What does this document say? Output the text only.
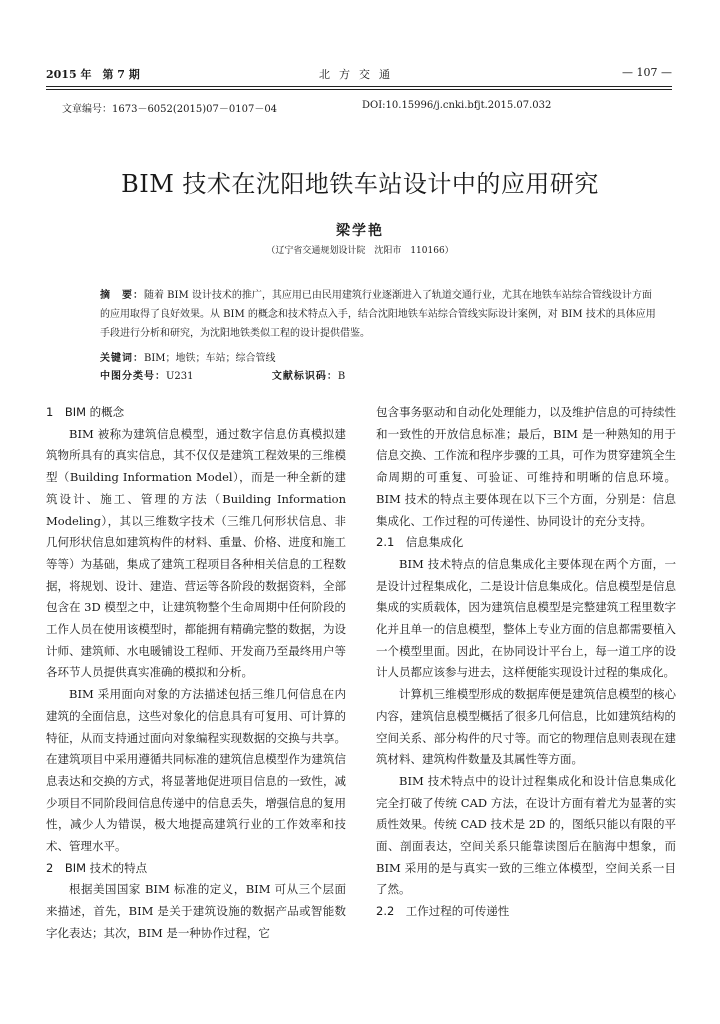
2015 年　第 7 期	北方交通	— 107 —
文章编号：1673－6052(2015)07－0107－04	DOI:10.15996/j.cnki.bfjt.2015.07.032
BIM 技术在沈阳地铁车站设计中的应用研究
梁学艳
（辽宁省交通规划设计院　沈阳市　110166）
摘　要：随着 BIM 设计技术的推广，其应用已由民用建筑行业逐渐进入了轨道交通行业，尤其在地铁车站综合管线设计方面的应用取得了良好效果。从 BIM 的概念和技术特点入手，结合沈阳地铁车站综合管线实际设计案例，对 BIM 技术的具体应用手段进行分析和研究，为沈阳地铁类似工程的设计提供借鉴。
关键词：BIM；地铁；车站；综合管线
中图分类号：U231	文献标识码：B

1　BIM 的概念

BIM 被称为建筑信息模型，通过数字信息仿真模拟建筑物所具有的真实信息，其不仅仅是建筑工程效果的三维模型（Building Information Model），而是一种全新的建筑设计、施工、管理的方法（Building Information Modeling），其以三维数字技术（三维几何形状信息、非几何形状信息如建筑构件的材料、重量、价格、进度和施工等等）为基础，集成了建筑工程项目各种相关信息的工程数据，将规划、设计、建造、营运等各阶段的数据资料，全部包含在 3D 模型之中，让建筑物整个生命周期中任何阶段的工作人员在使用该模型时，都能拥有精确完整的数据，为设计师、建筑师、水电暖铺设工程师、开发商乃至最终用户等各环节人员提供真实准确的模拟和分析。

BIM 采用面向对象的方法描述包括三维几何信息在内建筑的全面信息，这些对象化的信息具有可复用、可计算的特征，从而支持通过面向对象编程实现数据的交换与共享。在建筑项目中采用遵循共同标准的建筑信息模型作为建筑信息表达和交换的方式，将显著地促进项目信息的一致性，减少项目不同阶段间信息传递中的信息丢失，增强信息的复用性，减少人为错误，极大地提高建筑行业的工作效率和技术、管理水平。

2　BIM 技术的特点

根据美国国家 BIM 标准的定义，BIM 可从三个层面来描述，首先，BIM 是关于建筑设施的数据产品或智能数字化表达；其次，BIM 是一种协作过程，它

包含事务驱动和自动化处理能力，以及维护信息的可持续性和一致性的开放信息标准；最后，BIM 是一种熟知的用于信息交换、工作流和程序步骤的工具，可作为贯穿建筑全生命周期的可重复、可验证、可维持和明晰的信息环境。BIM 技术的特点主要体现在以下三个方面，分别是：信息集成化、工作过程的可传递性、协同设计的充分支持。

2.1　信息集成化

BIM 技术特点的信息集成化主要体现在两个方面，一是设计过程集成化，二是设计信息集成化。信息模型是信息集成的实质载体，因为建筑信息模型是完整建筑工程里数字化并且单一的信息模型，整体上专业方面的信息都需要植入一个模型里面。因此，在协同设计平台上，每一道工序的设计人员都应该参与进去，这样便能实现设计过程的集成化。

计算机三维模型形成的数据库便是建筑信息模型的核心内容，建筑信息模型概括了很多几何信息，比如建筑结构的空间关系、部分构件的尺寸等。而它的物理信息则表现在建筑材料、建筑构件数量及其属性等方面。

BIM 技术特点中的设计过程集成化和设计信息集成化完全打破了传统 CAD 方法，在设计方面有着尤为显著的实质性效果。传统 CAD 技术是 2D 的，图纸只能以有限的平面、剖面表达，空间关系只能靠读图后在脑海中想象，而 BIM 采用的是与真实一致的三维立体模型，空间关系一目了然。

2.2　工作过程的可传递性
